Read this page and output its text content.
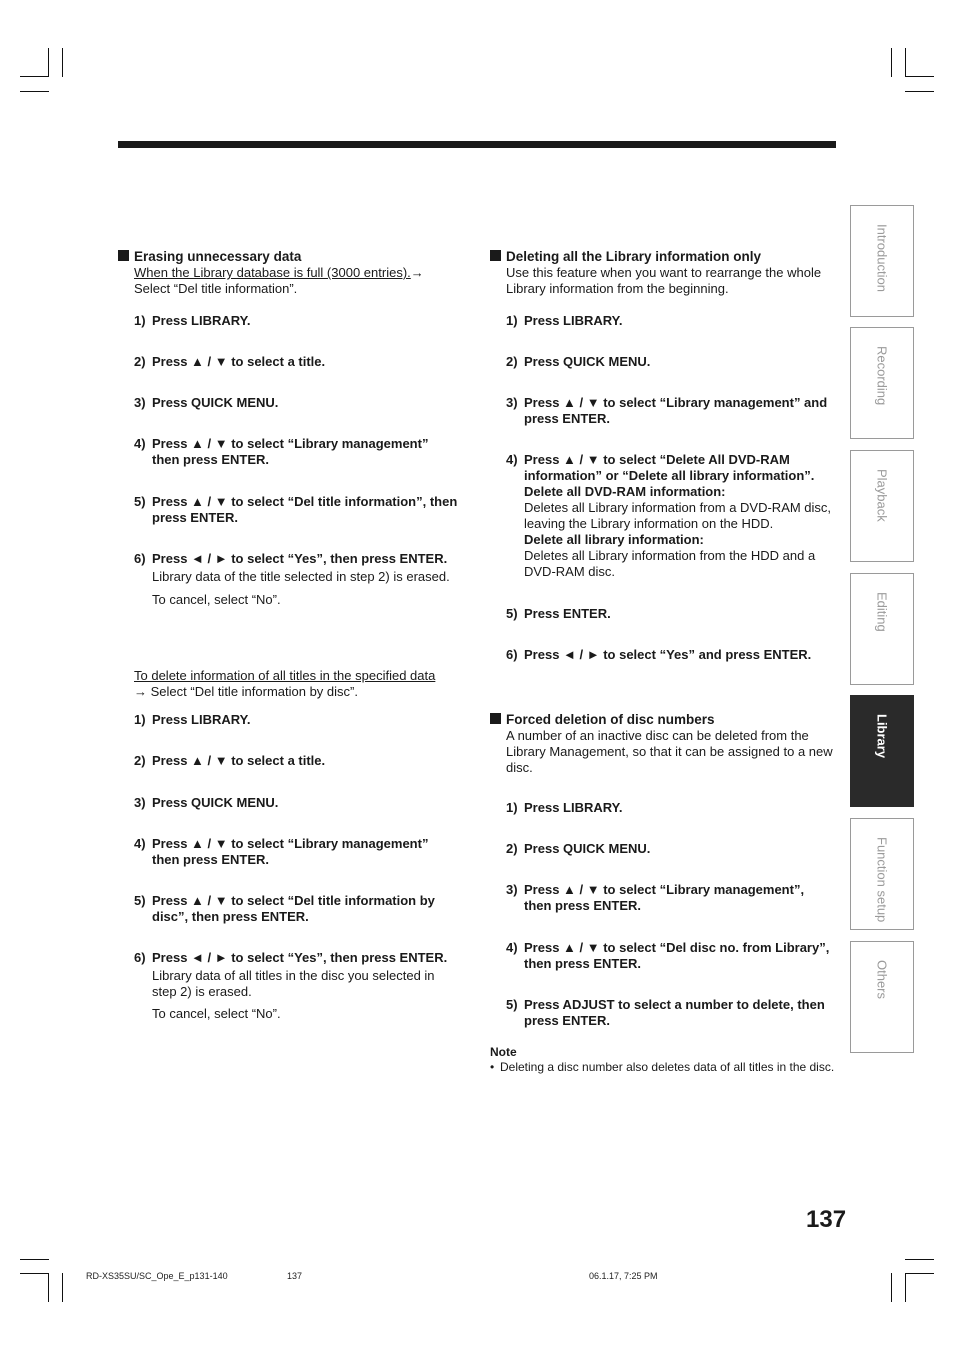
Erasing unnecessary data
When the Library database is full (3000 entries).→
Select “Del title information”.
1) Press LIBRARY.
2) Press ▲ / ▼ to select a title.
3) Press QUICK MENU.
4) Press ▲ / ▼ to select “Library management” then press ENTER.
5) Press ▲ / ▼ to select “Del title information”, then press ENTER.
6) Press ◄ / ► to select “Yes”, then press ENTER.
Library data of the title selected in step 2) is erased.
To cancel, select “No”.
To delete information of all titles in the specified data
→ Select “Del title information by disc”.
1) Press LIBRARY.
2) Press ▲ / ▼ to select a title.
3) Press QUICK MENU.
4) Press ▲ / ▼ to select “Library management” then press ENTER.
5) Press ▲ / ▼ to select “Del title information by disc”, then press ENTER.
6) Press ◄ / ► to select “Yes”, then press ENTER.
Library data of all titles in the disc you selected in step 2) is erased.
To cancel, select “No”.
Deleting all the Library information only
Use this feature when you want to rearrange the whole Library information from the beginning.
1) Press LIBRARY.
2) Press QUICK MENU.
3) Press ▲ / ▼ to select “Library management” and press ENTER.
4) Press ▲ / ▼ to select “Delete All DVD-RAM information” or “Delete all library information”.
Delete all DVD-RAM information:
Deletes all Library information from a DVD-RAM disc, leaving the Library information on the HDD.
Delete all library information:
Deletes all Library information from the HDD and a DVD-RAM disc.
5) Press ENTER.
6) Press ◄ / ► to select “Yes” and press ENTER.
Forced deletion of disc numbers
A number of an inactive disc can be deleted from the Library Management, so that it can be assigned to a new disc.
1) Press LIBRARY.
2) Press QUICK MENU.
3) Press ▲ / ▼ to select “Library management”, then press ENTER.
4) Press ▲ / ▼ to select “Del disc no. from Library”, then press ENTER.
5) Press ADJUST to select a number to delete, then press ENTER.
Note
• Deleting a disc number also deletes data of all titles in the disc.
Introduction
Recording
Playback
Editing
Library
Function setup
Others
137
RD-XS35SU/SC_Ope_E_p131-140	137	06.1.17, 7:25 PM
